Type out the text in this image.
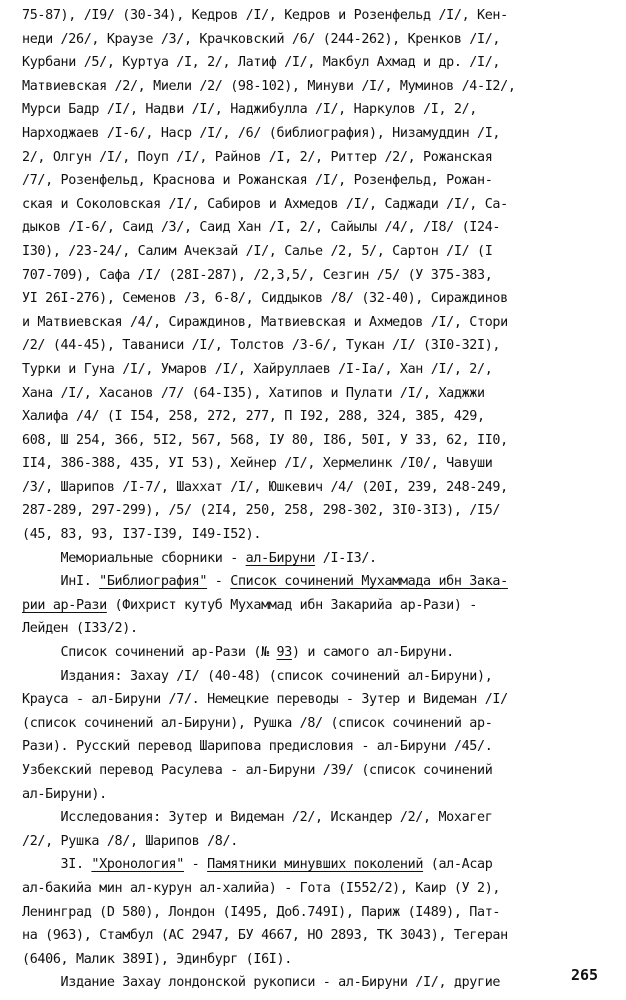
75-87), /I9/ (30-34), Кедров /I/, Кедров и Розенфельд /I/, Кен-
неди /26/, Краузе /3/, Крачковский /6/ (244-262), Кренков /I/,
Курбани /5/, Куртуа /I, 2/, Латиф /I/, Макбул Ахмад и др. /I/,
Матвиевская /2/, Миели /2/ (98-102), Минуви /I/, Муминов /4-I2/,
Мурси Бадр /I/, Надви /I/, Наджибулла /I/, Наркулов /I, 2/,
Нарходжаев /I-6/, Наср /I/, /6/ (библиография), Низамуддин /I,
2/, Олгун /I/, Поуп /I/, Райнов /I, 2/, Риттер /2/, Рожанская
/7/, Розенфельд, Краснова и Рожанская /I/, Розенфельд, Рожан-
ская и Соколовская /I/, Сабиров и Ахмедов /I/, Саджади /I/, Са-
дыков /I-6/, Саид /3/, Саид Хан /I, 2/, Сайылы /4/, /I8/ (I24-
I30), /23-24/, Салим Ачекзай /I/, Салье /2, 5/, Сартон /I/ (I
707-709), Сафа /I/ (28I-287), /2,3,5/, Сезгин /5/ (У 375-383,
УI 26I-276), Семенов /3, 6-8/, Сиддыков /8/ (32-40), Сираждинов
и Матвиевская /4/, Сираждинов, Матвиевская и Ахмедов /I/, Стори
/2/ (44-45), Таваниси /I/, Толстов /3-6/, Тукан /I/ (3I0-32I),
Турки и Гуна /I/, Умаров /I/, Хайруллаев /I-Iа/, Хан /I/, 2/,
Хана /I/, Хасанов /7/ (64-I35), Хатипов и Пулати /I/, Хаджжи
Халифа /4/ (I I54, 258, 272, 277, П I92, 288, 324, 385, 429,
608, Ш 254, 366, 5I2, 567, 568, IУ 80, I86, 50I, У 33, 62, II0,
II4, 386-388, 435, УI 53), Хейнер /I/, Хермелинк /I0/, Чавуши
/3/, Шарипов /I-7/, Шаххат /I/, Юшкевич /4/ (20I, 239, 248-249,
287-289, 297-299), /5/ (2I4, 250, 258, 298-302, 3I0-3I3), /I5/
(45, 83, 93, I37-I39, I49-I52).
Мемориальные сборники - ал-Бируни /I-I3/.
ИнI. "Библиография" - Список сочинений Мухаммада ибн Зака-
рии ар-Рази (Фихрист кутуб Мухаммад ибн Закарийа ар-Рази) -
Лейден (I33/2).
Список сочинений ар-Рази (№ 93) и самого ал-Бируни.
Издания: Захау /I/ (40-48) (список сочинений ал-Бируни),
Крауса - ал-Бируни /7/. Немецкие переводы - Зутер и Видеман /I/
(список сочинений ал-Бируни), Рушка /8/ (список сочинений ар-
Рази). Русский перевод Шарипова предисловия - ал-Бируни /45/.
Узбекский перевод Расулева - ал-Бируни /39/ (список сочинений
ал-Бируни).
Исследования: Зутер и Видеман /2/, Искандер /2/, Мохагег
/2/, Рушка /8/, Шарипов /8/.
3I. "Хронология" - Памятники минувших поколений (ал-Асар
ал-бакийа мин ал-курун ал-халийа) - Гота (I552/2), Каир (У 2),
Ленинград (D 580), Лондон (I495, Доб.749I), Париж (I489), Пат-
на (963), Стамбул (АС 2947, БУ 4667, НО 2893, ТК 3043), Тегеран
(6406, Малик 389I), Эдинбург (I6I).
Издание Захау лондонской рукописи - ал-Бируни /I/, другие	265
